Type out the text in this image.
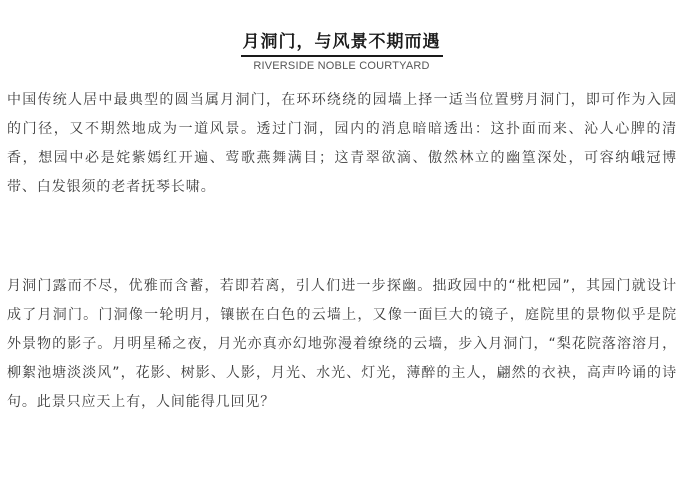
月洞门，与风景不期而遇
RIVERSIDE NOBLE COURTYARD

中国传统人居中最典型的圆当属月洞门，在环环绕绕的园墙上择一适当位置劈月洞门，即可作为入园的门径，又不期然地成为一道风景。透过门洞，园内的消息暗暗透出：这扑面而来、沁人心脾的清香，想园中必是姹紫嫣红开遍、莺歌燕舞满目；这青翠欲滴、傲然林立的幽篁深处，可容纳峨冠博带、白发银须的老者抚琴长啸。

月洞门露而不尽，优雅而含蓄，若即若离，引人们进一步探幽。拙政园中的“枇杷园”，其园门就设计成了月洞门。门洞像一轮明月，镶嵌在白色的云墙上，又像一面巨大的镜子，庭院里的景物似乎是院外景物的影子。月明星稀之夜，月光亦真亦幻地弥漫着缭绕的云墙，步入月洞门，“梨花院落溶溶月，柳絮池塘淡淡风”，花影、树影、人影，月光、水光、灯光，薄醉的主人，翩然的衣袂，高声吟诵的诗句。此景只应天上有，人间能得几回见？
